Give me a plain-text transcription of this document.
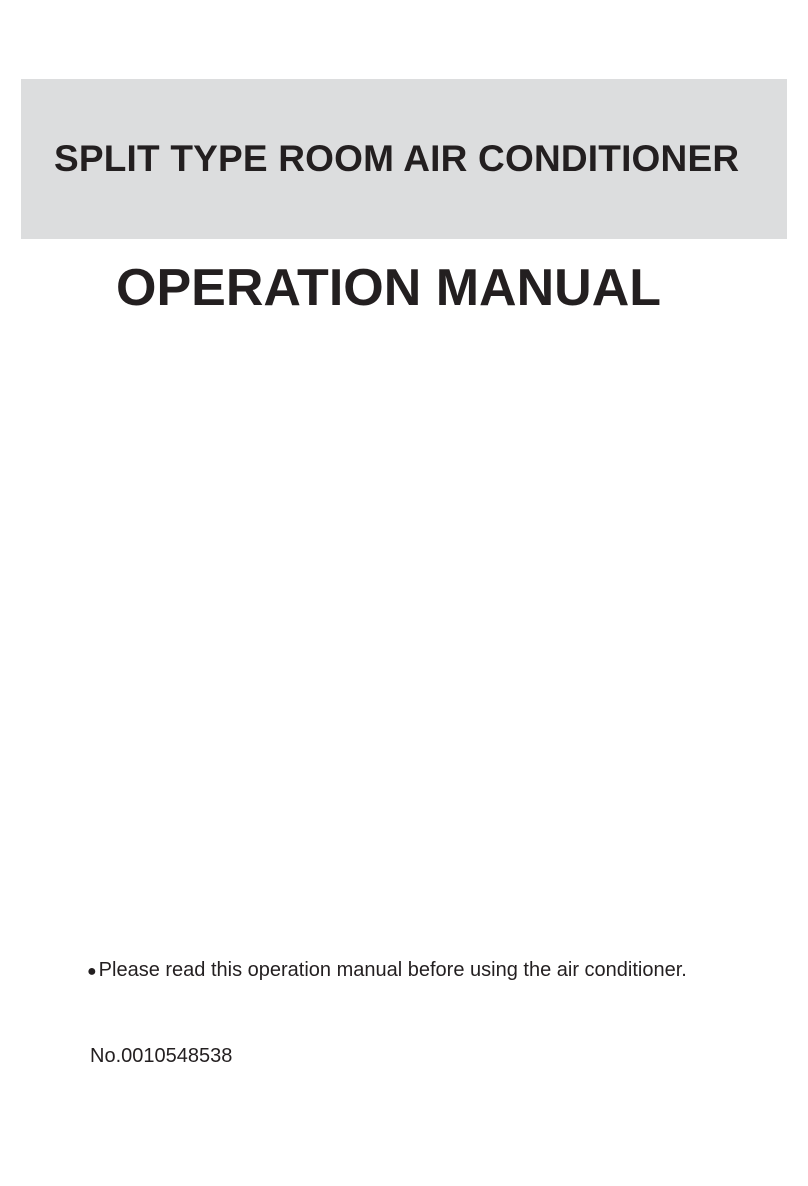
SPLIT TYPE ROOM AIR CONDITIONER
OPERATION MANUAL
● Please read this operation manual before using the air conditioner.
No.0010548538
